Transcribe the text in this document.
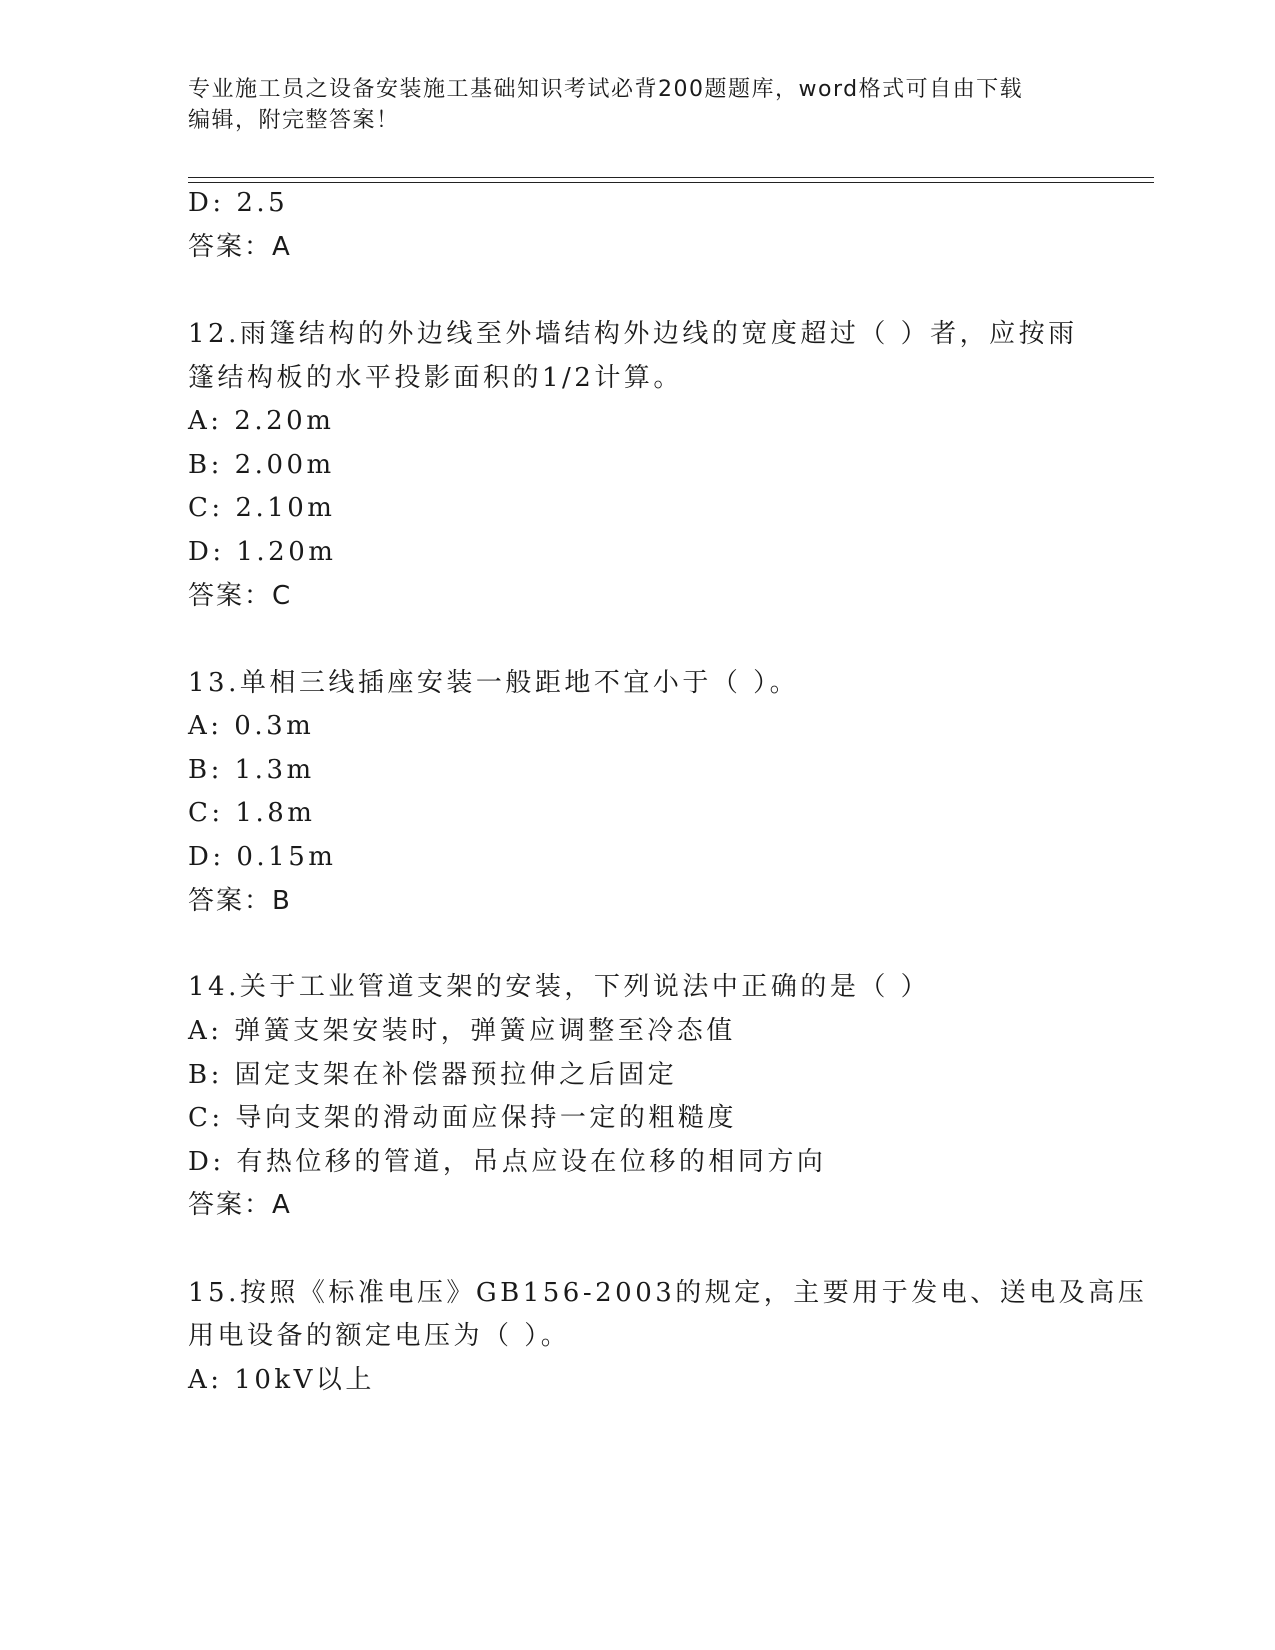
专业施工员之设备安装施工基础知识考试必背200题题库，word格式可自由下载
编辑，附完整答案！
D: 2.5
答案：A
12.雨篷结构的外边线至外墙结构外边线的宽度超过（ ）者，应按雨
篷结构板的水平投影面积的1/2计算。
A: 2.20m
B: 2.00m
C: 2.10m
D: 1.20m
答案：C
13.单相三线插座安装一般距地不宜小于（ ）。
A: 0.3m
B: 1.3m
C: 1.8m
D: 0.15m
答案：B
14.关于工业管道支架的安装，下列说法中正确的是（ ）
A: 弹簧支架安装时，弹簧应调整至冷态值
B: 固定支架在补偿器预拉伸之后固定
C: 导向支架的滑动面应保持一定的粗糙度
D: 有热位移的管道，吊点应设在位移的相同方向
答案：A
15.按照《标准电压》GB156-2003的规定，主要用于发电、送电及高压
用电设备的额定电压为（ ）。
A: 10kV以上
